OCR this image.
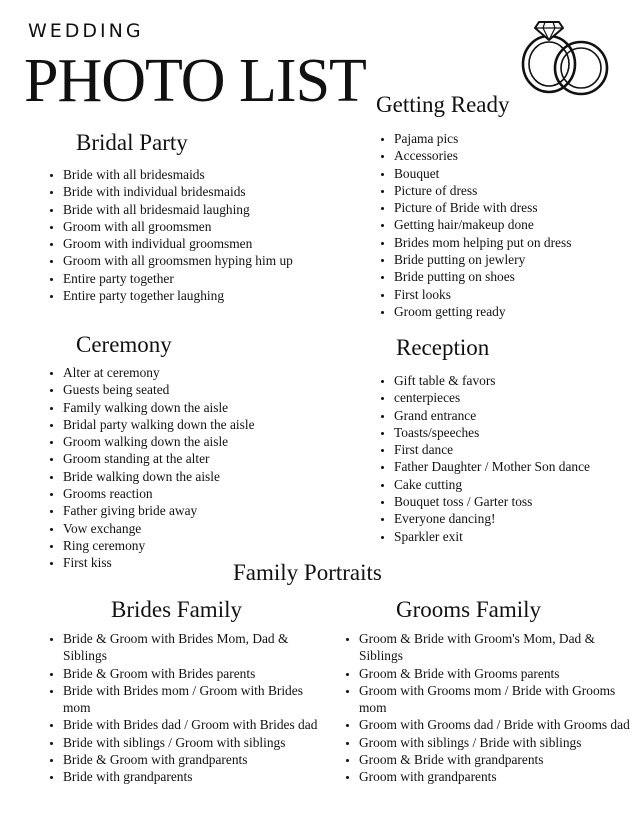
WEDDING
PHOTO LIST
Bridal Party
• Bride with all bridesmaids
• Bride with individual bridesmaids
• Bride with all bridesmaid laughing
• Groom with all groomsmen
• Groom with individual groomsmen
• Groom with all groomsmen hyping him up
• Entire party together
• Entire party together laughing
Getting Ready
• Pajama pics
• Accessories
• Bouquet
• Picture of dress
• Picture of Bride with dress
• Getting hair/makeup done
• Brides mom helping put on dress
• Bride putting on jewlery
• Bride putting on shoes
• First looks
• Groom getting ready
Ceremony
• Alter at ceremony
• Guests being seated
• Family walking down the aisle
• Bridal party walking down the aisle
• Groom walking down the aisle
• Groom standing at the alter
• Bride walking down the aisle
• Grooms reaction
• Father giving bride away
• Vow exchange
• Ring ceremony
• First kiss
Reception
• Gift table & favors
• centerpieces
• Grand entrance
• Toasts/speeches
• First dance
• Father Daughter / Mother Son dance
• Cake cutting
• Bouquet toss / Garter toss
• Everyone dancing!
• Sparkler exit
Family Portraits
Brides Family
• Bride & Groom with Brides Mom, Dad & Siblings
• Bride & Groom with Brides parents
• Bride with Brides mom / Groom with Brides mom
• Bride with Brides dad / Groom with Brides dad
• Bride with siblings / Groom with siblings
• Bride & Groom with grandparents
• Bride with grandparents
Grooms Family
• Groom & Bride with Groom's Mom, Dad & Siblings
• Groom & Bride with Grooms parents
• Groom with Grooms mom / Bride with Grooms mom
• Groom with Grooms dad / Bride with Grooms dad
• Groom with siblings / Bride with siblings
• Groom & Bride with grandparents
• Groom with grandparents
